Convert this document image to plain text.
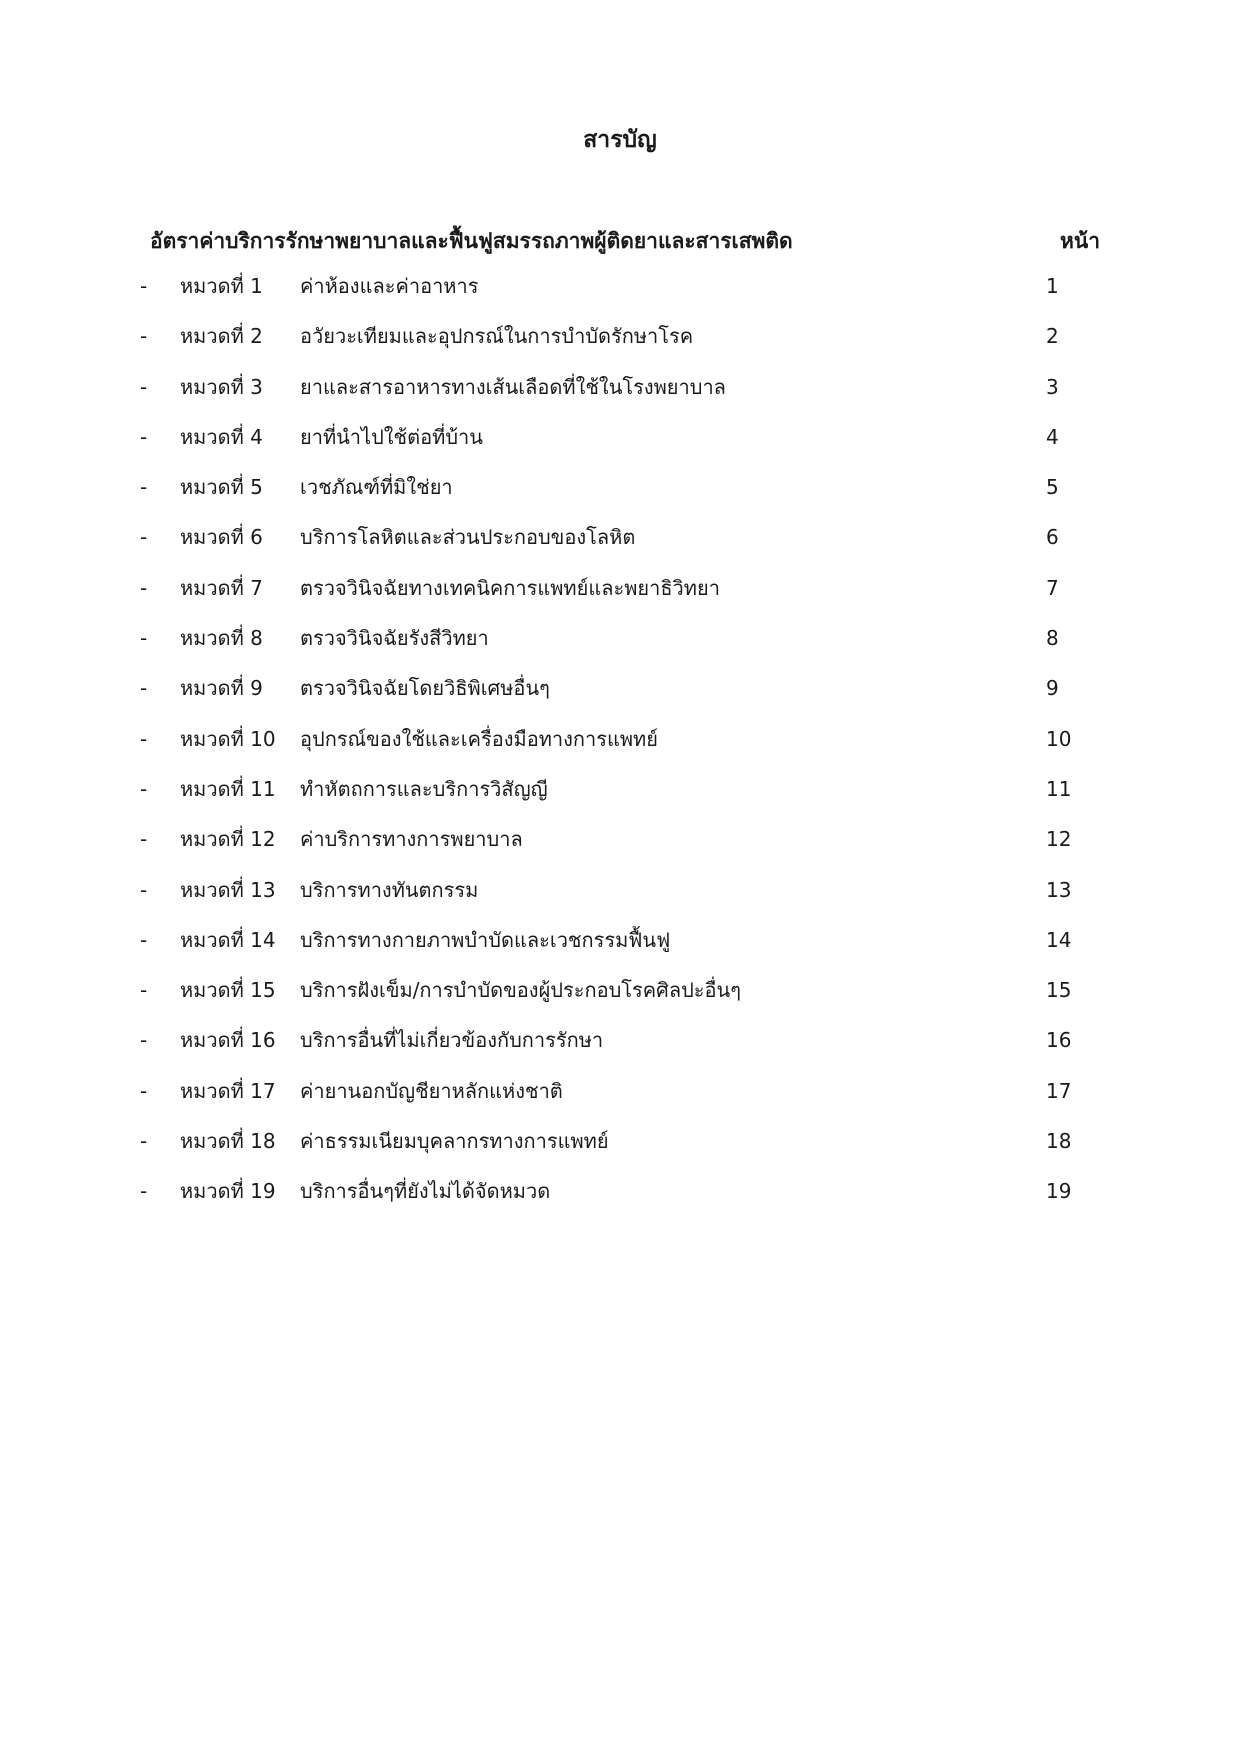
สารบัญ
อัตราค่าบริการรักษาพยาบาลและฟื้นฟูสมรรถภาพผู้ติดยาและสารเสพติด	หน้า
- หมวดที่ 1 ค่าห้องและค่าอาหาร	1
- หมวดที่ 2 อวัยวะเทียมและอุปกรณ์ในการบำบัดรักษาโรค	2
- หมวดที่ 3 ยาและสารอาหารทางเส้นเลือดที่ใช้ในโรงพยาบาล	3
- หมวดที่ 4 ยาที่นำไปใช้ต่อที่บ้าน	4
- หมวดที่ 5 เวชภัณฑ์ที่มิใช่ยา	5
- หมวดที่ 6 บริการโลหิตและส่วนประกอบของโลหิต	6
- หมวดที่ 7 ตรวจวินิจฉัยทางเทคนิคการแพทย์และพยาธิวิทยา	7
- หมวดที่ 8 ตรวจวินิจฉัยรังสีวิทยา	8
- หมวดที่ 9 ตรวจวินิจฉัยโดยวิธิพิเศษอื่นๆ	9
- หมวดที่ 10 อุปกรณ์ของใช้และเครื่องมือทางการแพทย์	10
- หมวดที่ 11 ทำหัตถการและบริการวิสัญญี	11
- หมวดที่ 12 ค่าบริการทางการพยาบาล	12
- หมวดที่ 13 บริการทางทันตกรรม	13
- หมวดที่ 14 บริการทางกายภาพบำบัดและเวชกรรมฟื้นฟู	14
- หมวดที่ 15 บริการฝังเข็ม/การบำบัดของผู้ประกอบโรคศิลปะอื่นๆ	15
- หมวดที่ 16 บริการอื่นที่ไม่เกี่ยวข้องกับการรักษา	16
- หมวดที่ 17 ค่ายานอกบัญชียาหลักแห่งชาติ	17
- หมวดที่ 18 ค่าธรรมเนียมบุคลากรทางการแพทย์	18
- หมวดที่ 19 บริการอื่นๆที่ยังไม่ได้จัดหมวด	19
